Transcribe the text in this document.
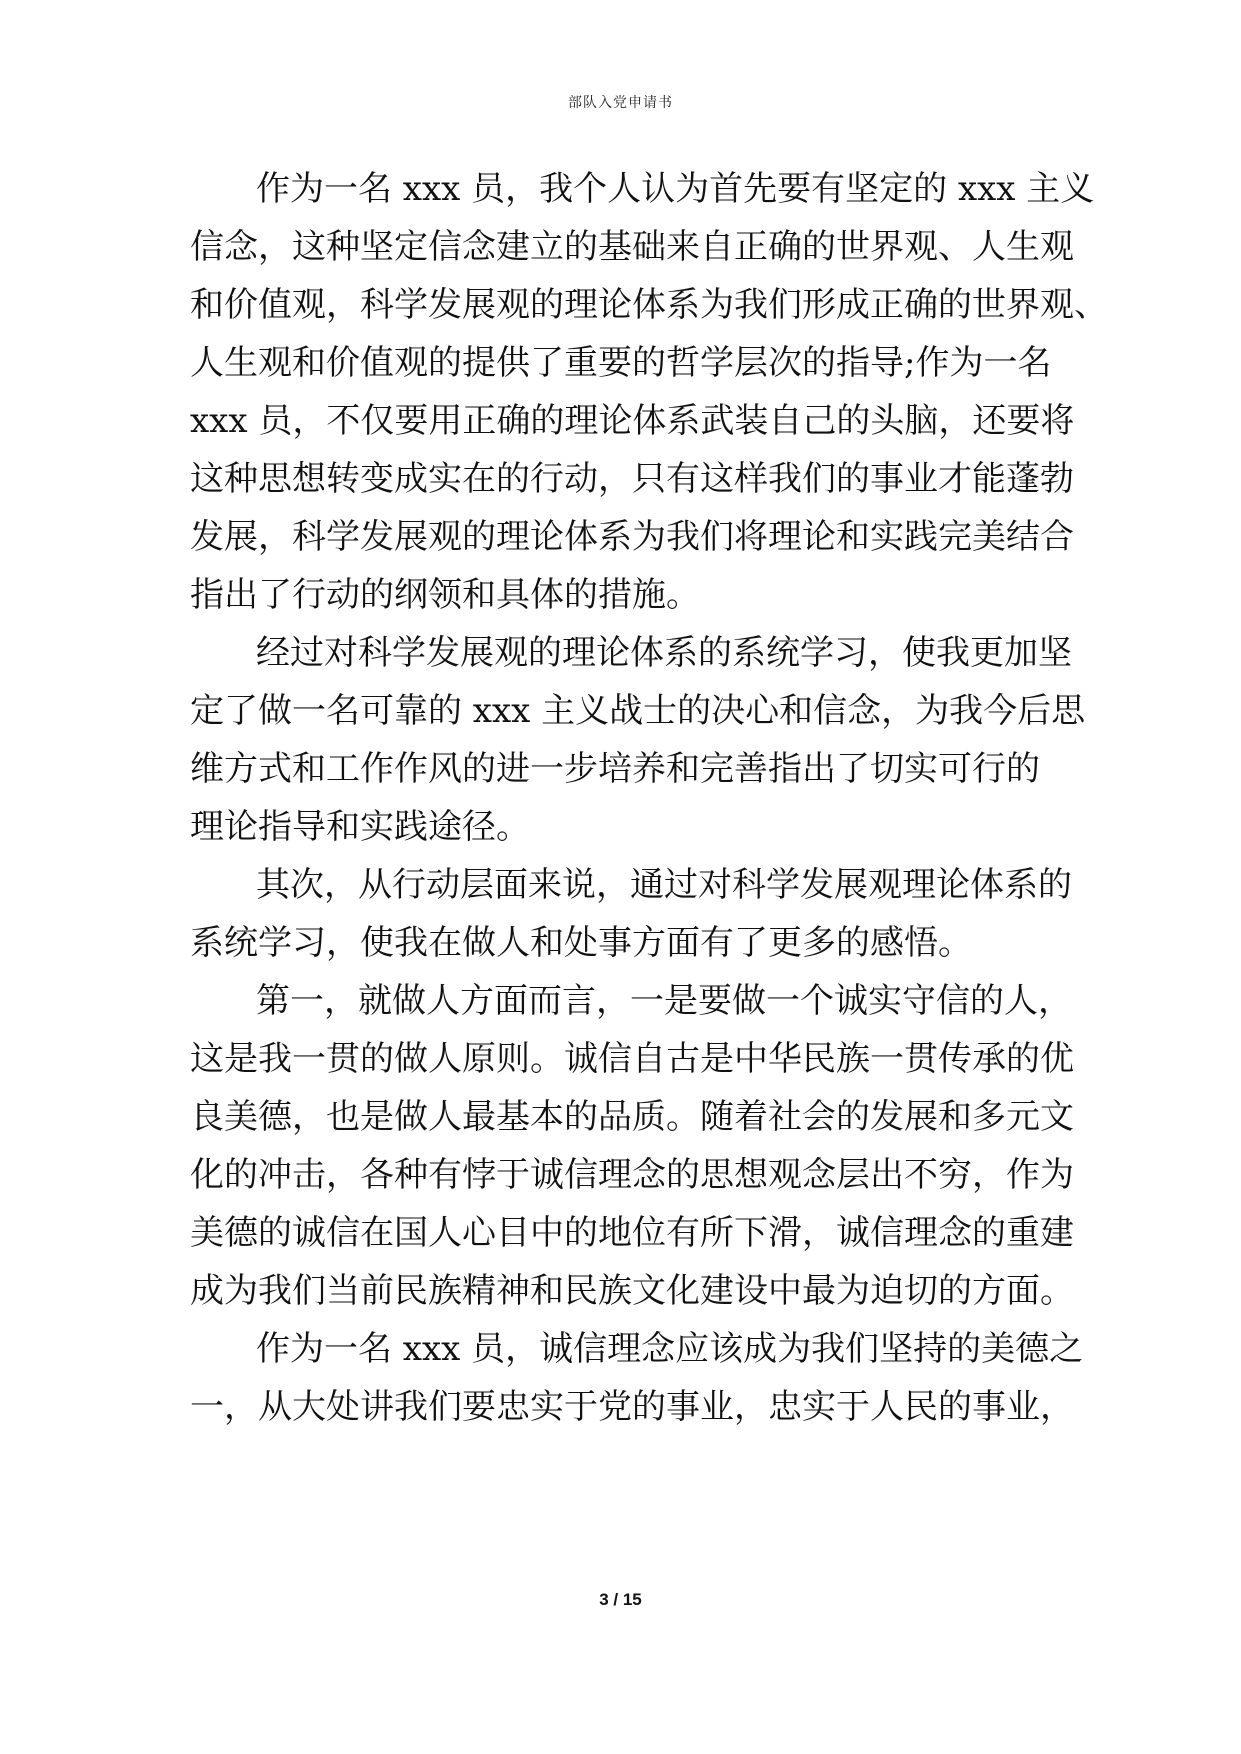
部队入党申请书

作为一名 xxx 员，我个人认为首先要有坚定的 xxx 主义

信念，这种坚定信念建立的基础来自正确的世界观、人生观

和价值观，科学发展观的理论体系为我们形成正确的世界观、

人生观和价值观的提供了重要的哲学层次的指导;作为一名

xxx 员，不仅要用正确的理论体系武装自己的头脑，还要将

这种思想转变成实在的行动，只有这样我们的事业才能蓬勃

发展，科学发展观的理论体系为我们将理论和实践完美结合

指出了行动的纲领和具体的措施。

经过对科学发展观的理论体系的系统学习，使我更加坚

定了做一名可靠的 xxx 主义战士的决心和信念，为我今后思

维方式和工作作风的进一步培养和完善指出了切实可行的

理论指导和实践途径。

其次，从行动层面来说，通过对科学发展观理论体系的

系统学习，使我在做人和处事方面有了更多的感悟。

第一，就做人方面而言，一是要做一个诚实守信的人，

这是我一贯的做人原则。诚信自古是中华民族一贯传承的优

良美德，也是做人最基本的品质。随着社会的发展和多元文

化的冲击，各种有悖于诚信理念的思想观念层出不穷，作为

美德的诚信在国人心目中的地位有所下滑，诚信理念的重建

成为我们当前民族精神和民族文化建设中最为迫切的方面。

作为一名 xxx 员，诚信理念应该成为我们坚持的美德之

一，从大处讲我们要忠实于党的事业，忠实于人民的事业，

3 / 15
